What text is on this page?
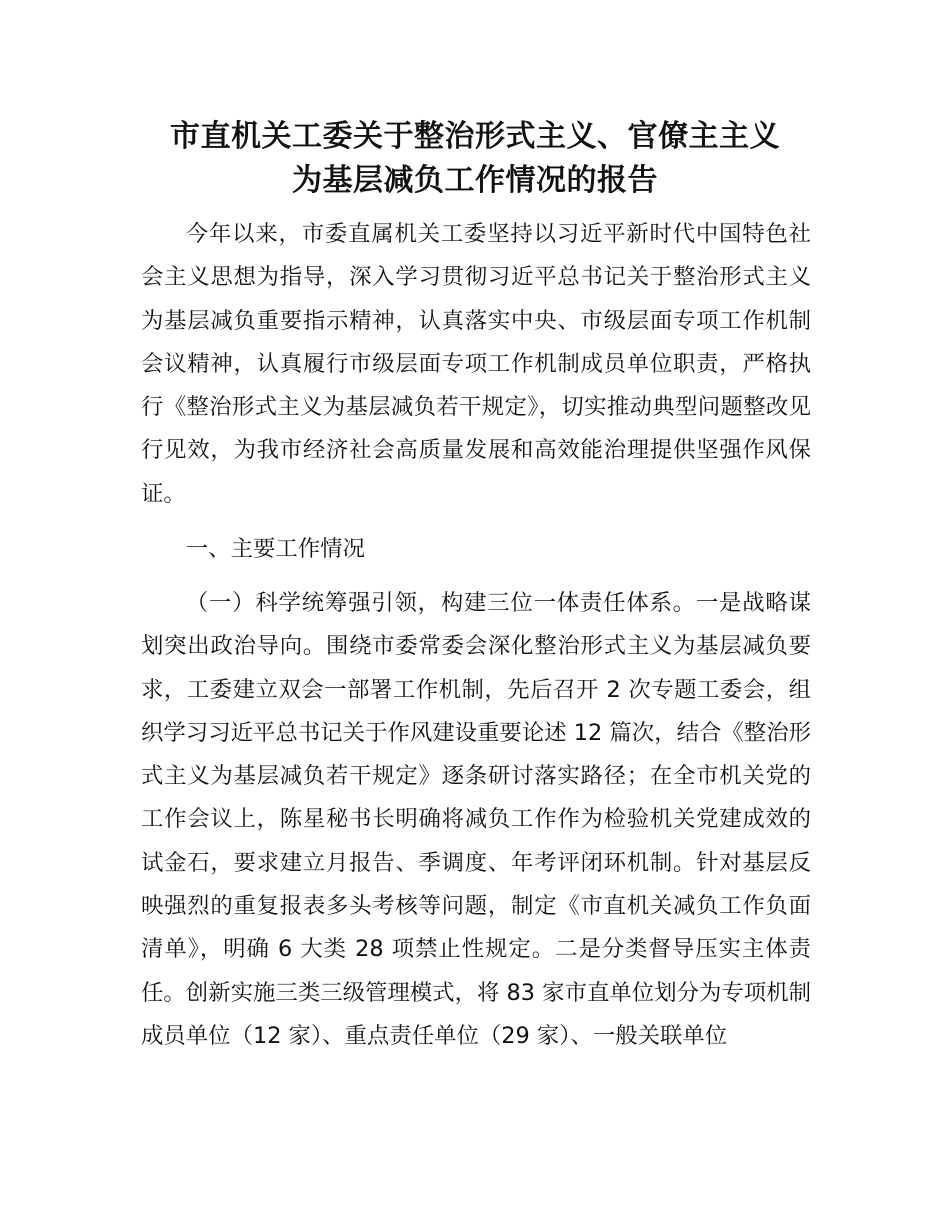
市直机关工委关于整治形式主义、官僚主主义
为基层减负工作情况的报告
今年以来，市委直属机关工委坚持以习近平新时代中国特色社会主义思想为指导，深入学习贯彻习近平总书记关于整治形式主义为基层减负重要指示精神，认真落实中央、市级层面专项工作机制会议精神，认真履行市级层面专项工作机制成员单位职责，严格执行《整治形式主义为基层减负若干规定》，切实推动典型问题整改见行见效，为我市经济社会高质量发展和高效能治理提供坚强作风保证。
一、主要工作情况
（一）科学统筹强引领，构建三位一体责任体系。一是战略谋划突出政治导向。围绕市委常委会深化整治形式主义为基层减负要求，工委建立双会一部署工作机制，先后召开 2 次专题工委会，组织学习习近平总书记关于作风建设重要论述 12 篇次，结合《整治形式主义为基层减负若干规定》逐条研讨落实路径；在全市机关党的工作会议上，陈星秘书长明确将减负工作作为检验机关党建成效的试金石，要求建立月报告、季调度、年考评闭环机制。针对基层反映强烈的重复报表多头考核等问题，制定《市直机关减负工作负面清单》，明确 6 大类 28 项禁止性规定。二是分类督导压实主体责任。创新实施三类三级管理模式，将 83 家市直单位划分为专项机制成员单位（12 家）、重点责任单位（29 家）、一般关联单位
